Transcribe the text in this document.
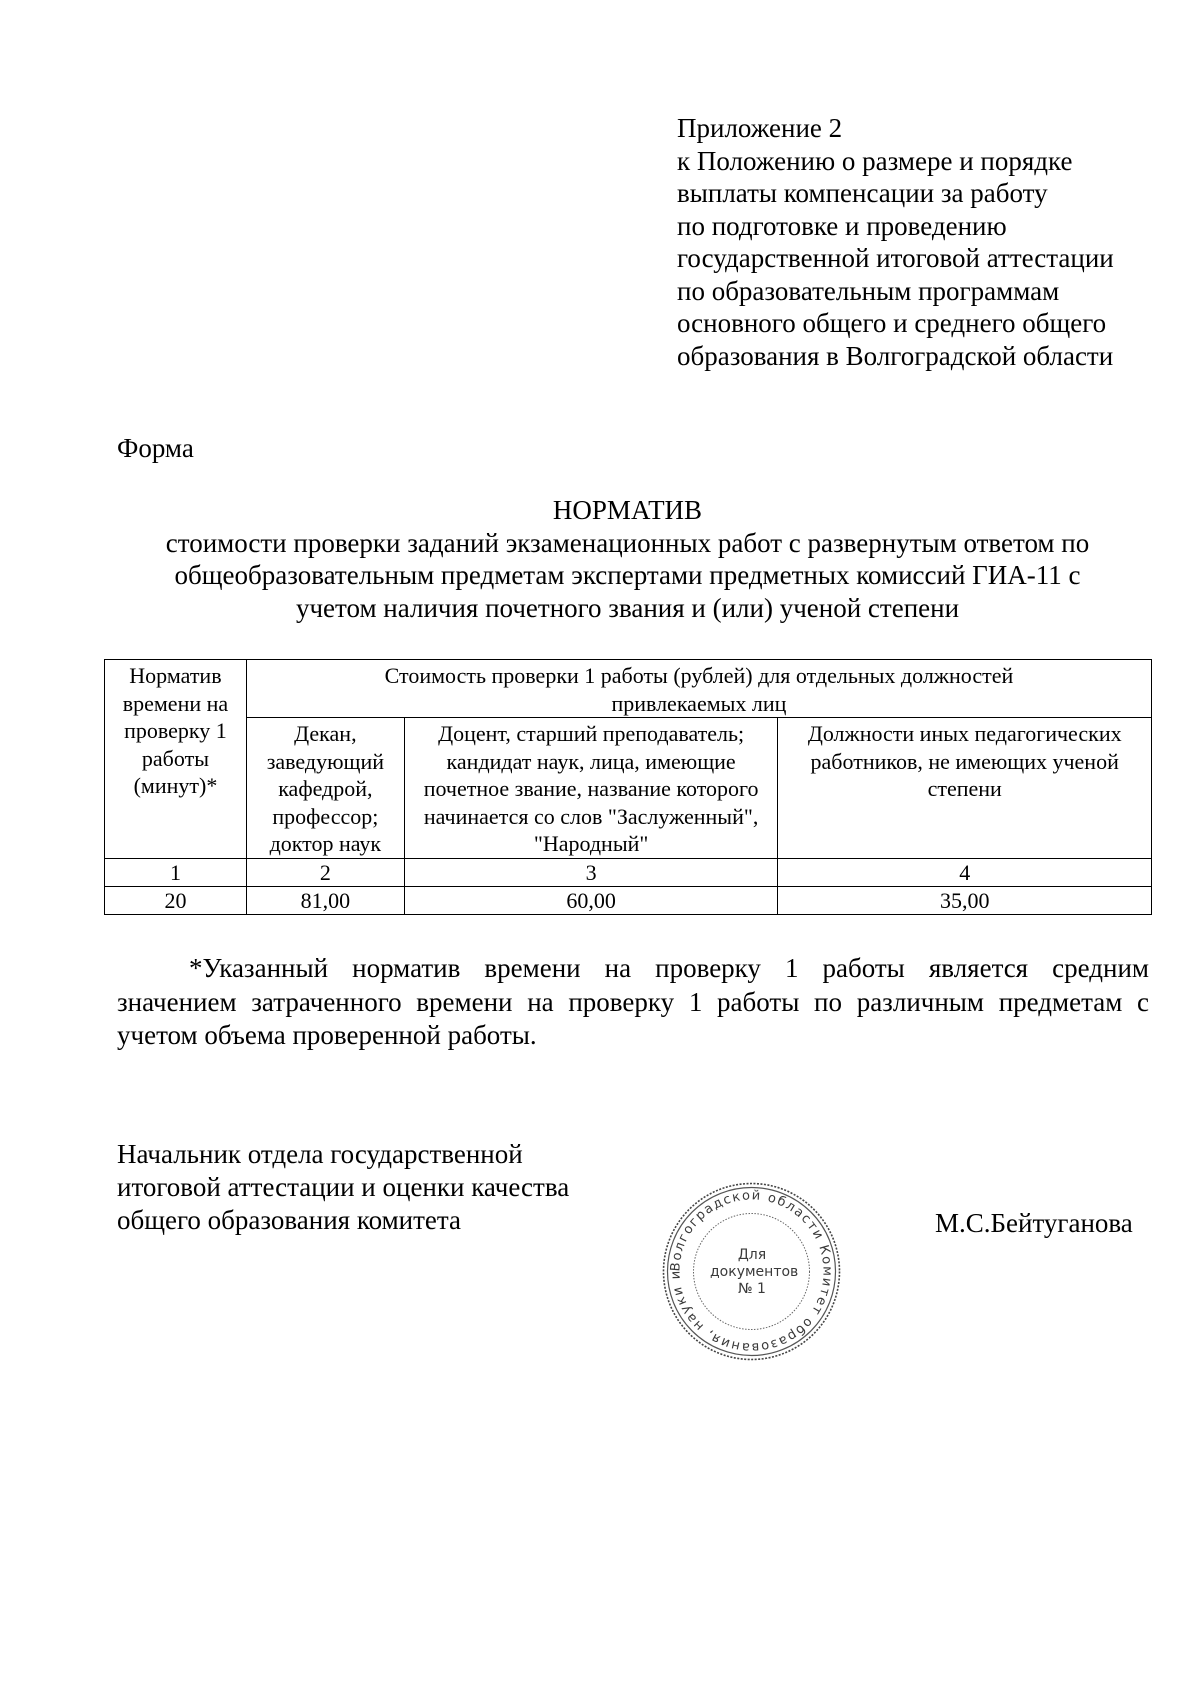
Приложение 2
к Положению о размере и порядке
выплаты компенсации за работу
по подготовке и проведению
государственной итоговой аттестации
по образовательным программам
основного общего и среднего общего
образования в Волгоградской области
Форма
НОРМАТИВ
стоимости проверки заданий экзаменационных работ с развернутым ответом по
общеобразовательным предметам экспертами предметных комиссий ГИА-11 с
учетом наличия почетного звания и (или) ученой степени
Норматив времени на проверку 1 работы (минут)*	Стоимость проверки 1 работы (рублей) для отдельных должностей привлекаемых лиц		
	Декан, заведующий кафедрой, профессор; доктор наук	Доцент, старший преподаватель; кандидат наук, лица, имеющие почетное звание, название которого начинается со слов "Заслуженный", "Народный"	Должности иных педагогических работников, не имеющих ученой степени
1	2	3	4
20	81,00	60,00	35,00
*Указанный норматив времени на проверку 1 работы является средним
значением затраченного времени на проверку 1 работы по различным предметам с учетом объема проверенной работы.
Начальник отдела государственной
итоговой аттестации и оценки качества
общего образования комитета
Волгоградской области Комитет образования, науки и
Для документов № 1
М.С.Бейтуганова
